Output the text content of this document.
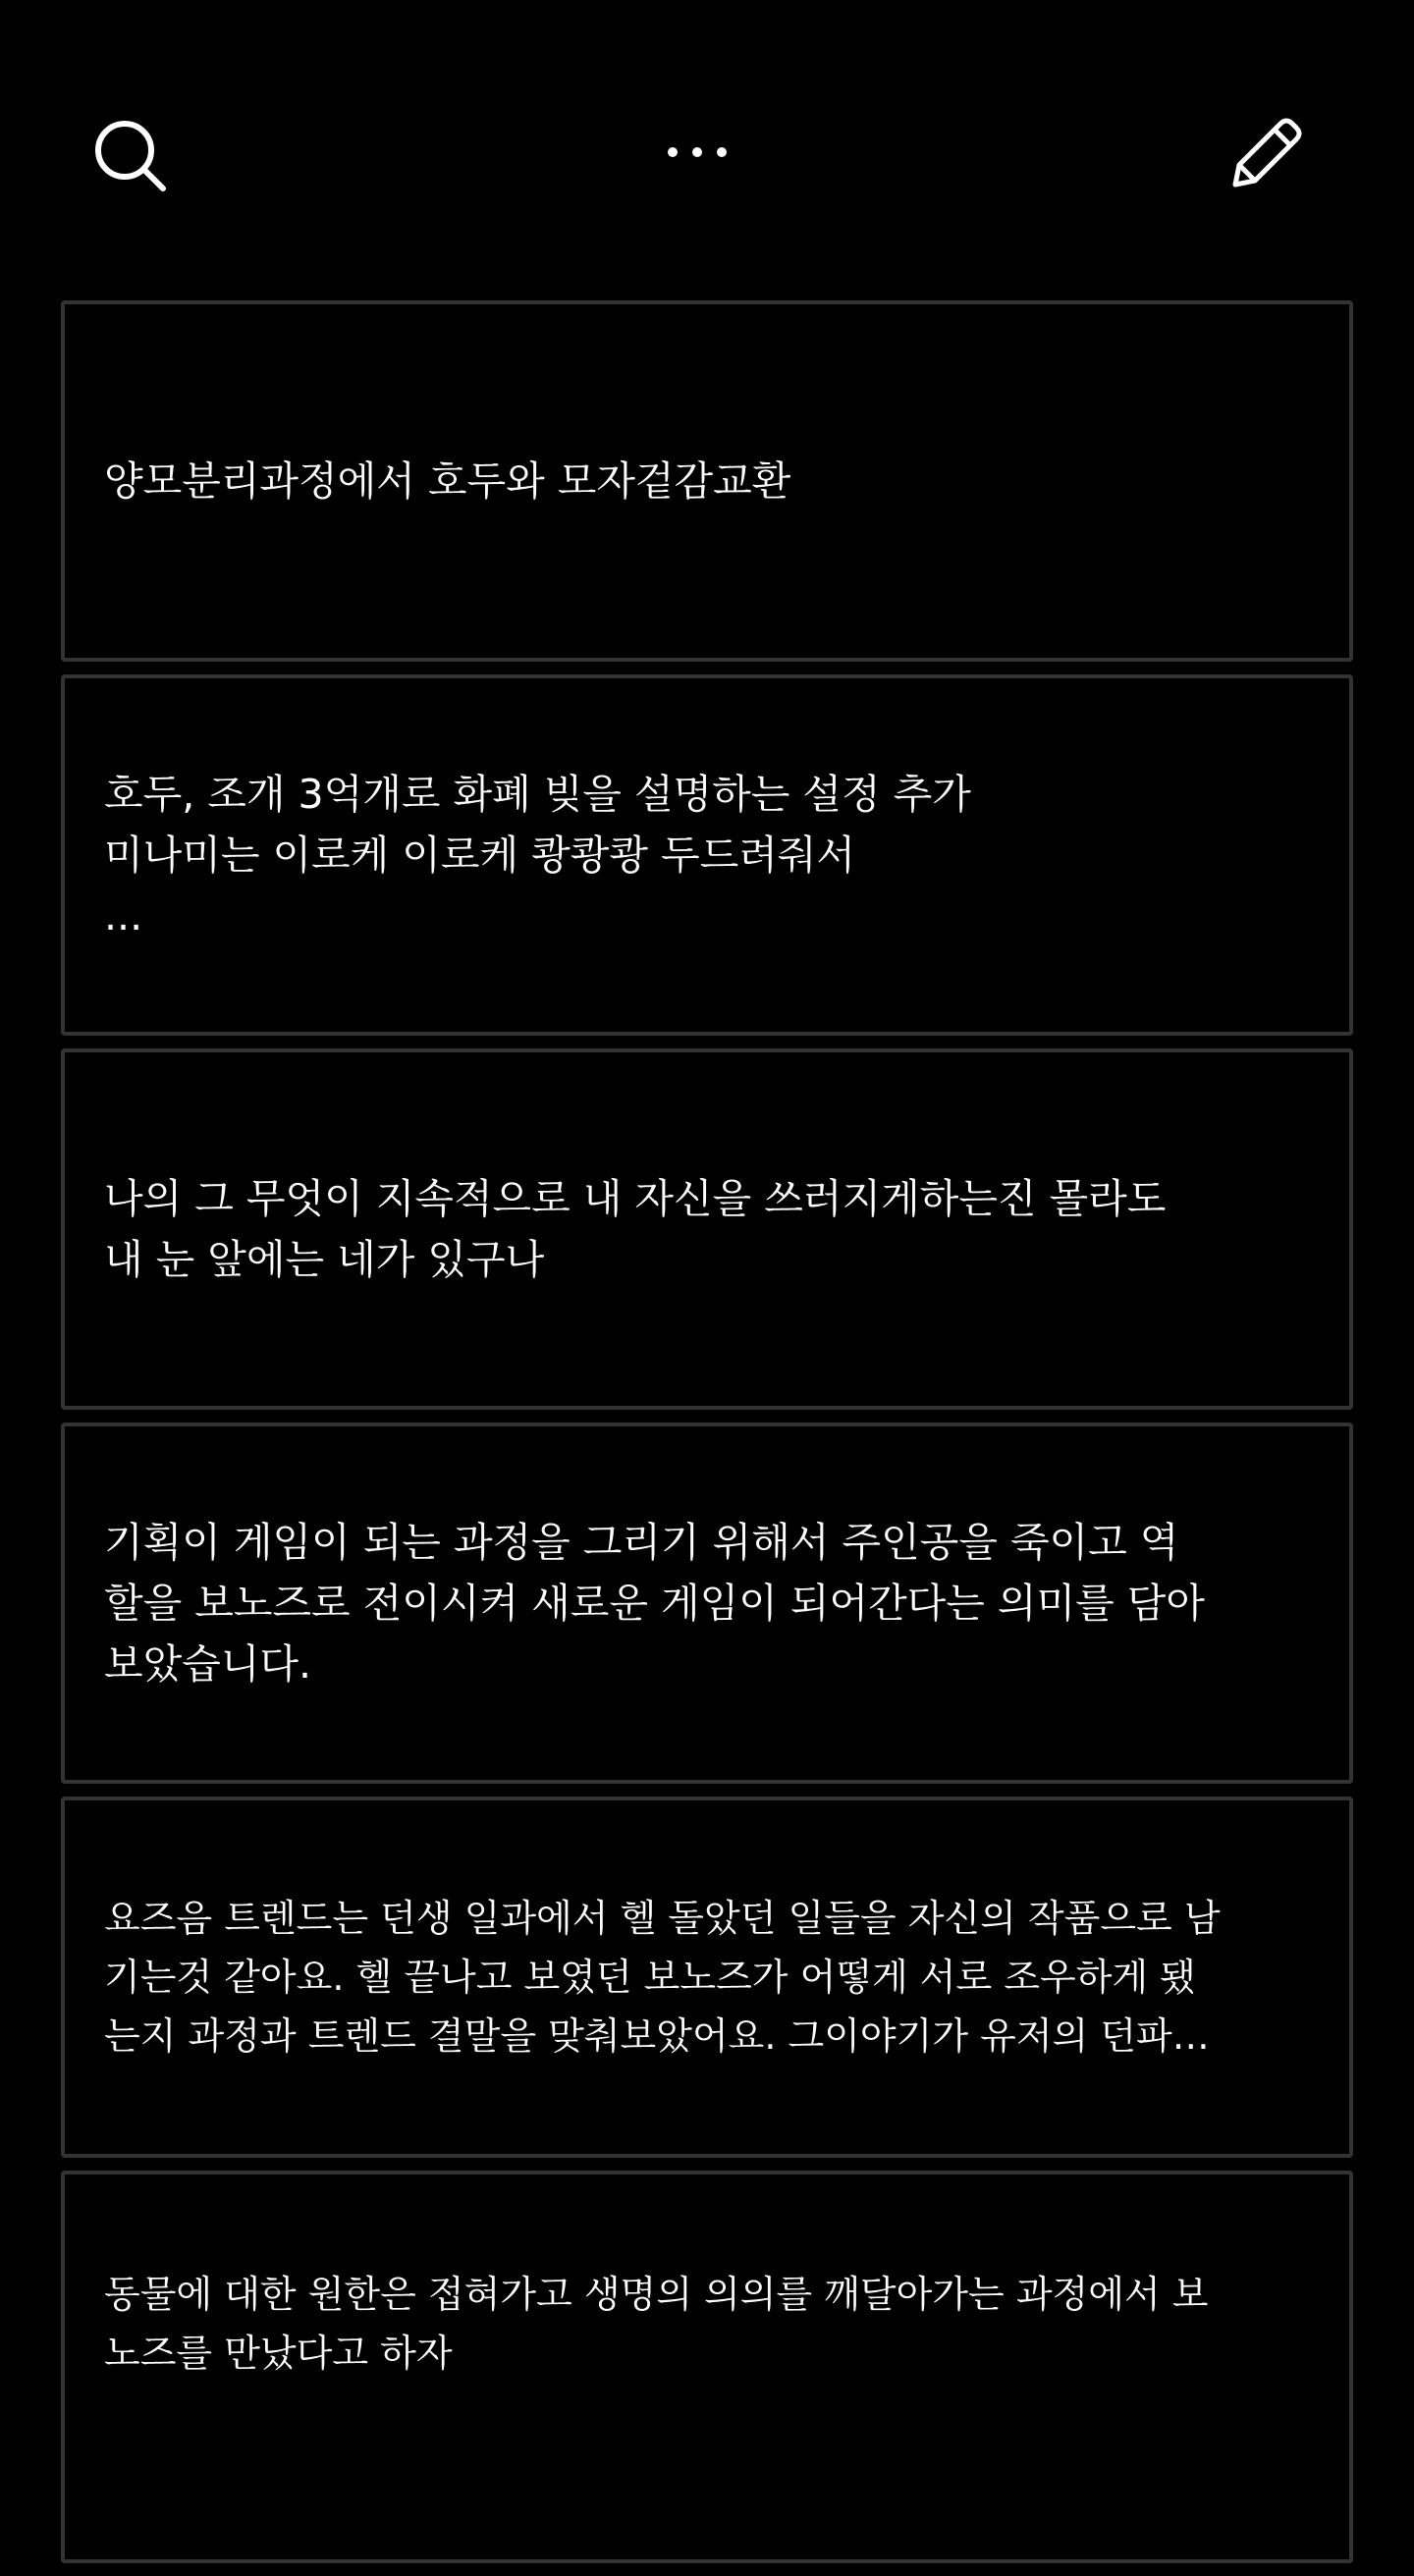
양모분리과정에서 호두와 모자겉감교환
호두, 조개 3억개로 화폐 빚을 설명하는 설정 추가
미나미는 이로케 이로케 쾅쾅쾅 두드려줘서
...
나의 그 무엇이 지속적으로 내 자신을 쓰러지게하는진 몰라도
내 눈 앞에는 네가 있구나
기획이 게임이 되는 과정을 그리기 위해서 주인공을 죽이고 역
할을 보노즈로 전이시켜 새로운 게임이 되어간다는 의미를 담아
보았습니다.
요즈음 트렌드는 던생 일과에서 헬 돌았던 일들을 자신의 작품으로 남
기는것 같아요. 헬 끝나고 보였던 보노즈가 어떻게 서로 조우하게 됐
는지 과정과 트렌드 결말을 맞춰보았어요. 그이야기가 유저의 던파…
동물에 대한 원한은 접혀가고 생명의 의의를 깨달아가는 과정에서 보
노즈를 만났다고 하자
